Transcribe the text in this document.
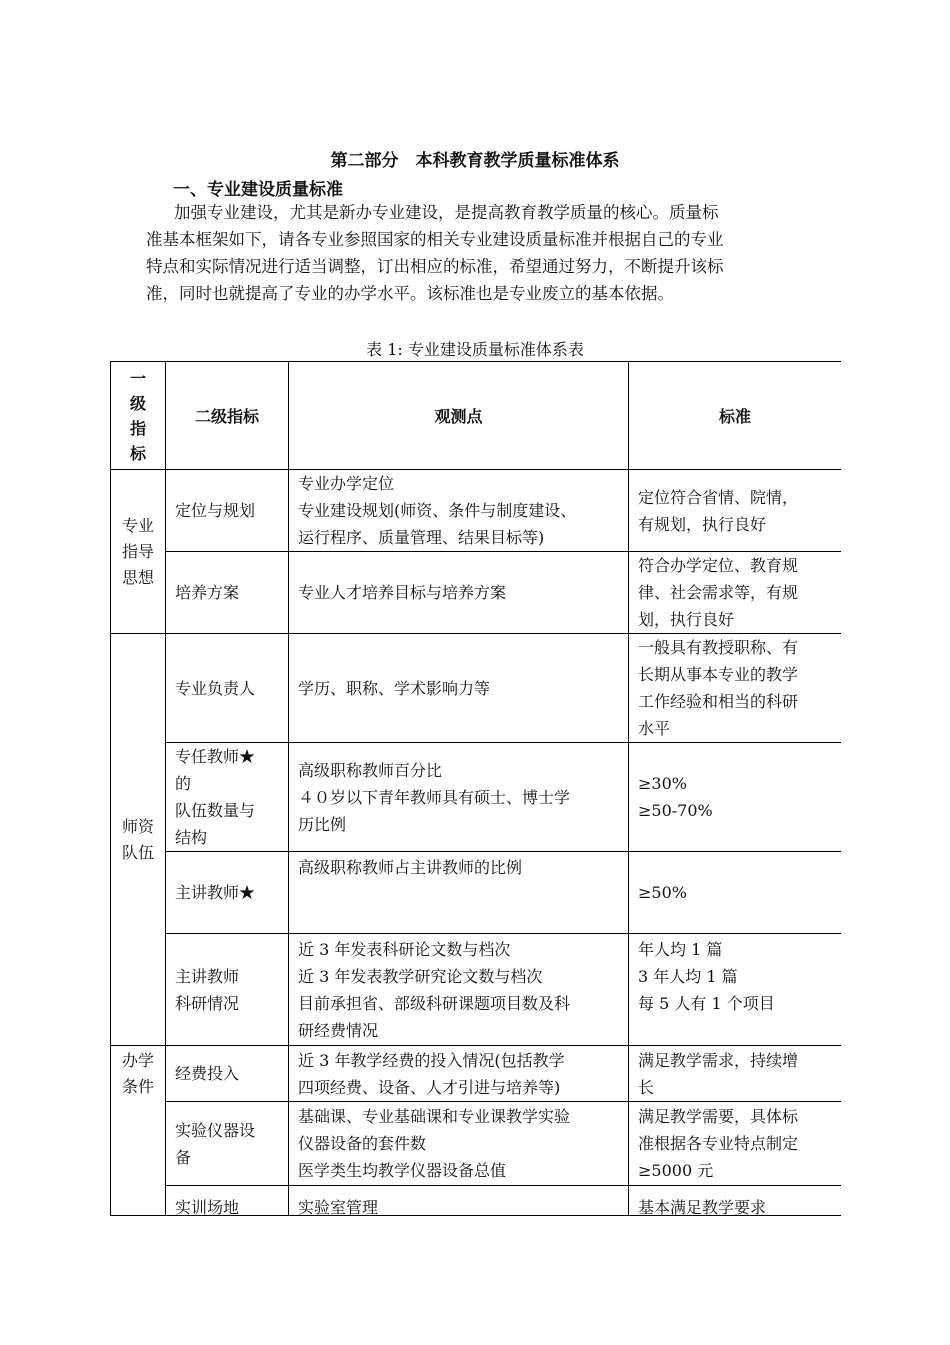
第二部分　本科教育教学质量标准体系
一、专业建设质量标准

加强专业建设，尤其是新办专业建设，是提高教育教学质量的核心。质量标
准基本框架如下，请各专业参照国家的相关专业建设质量标准并根据自己的专业
特点和实际情况进行适当调整，订出相应的标准，希望通过努力，不断提升该标
准，同时也就提高了专业的办学水平。该标准也是专业废立的基本依据。

表 1: 专业建设质量标准体系表
一
级
指
标	二级指标	观测点	标准

专业
指导
思想	定位与规划	专业办学定位
专业建设规划(师资、条件与制度建设、
运行程序、质量管理、结果目标等)	定位符合省情、院情，
有规划，执行良好

	培养方案	专业人才培养目标与培养方案	符合办学定位、教育规
律、社会需求等，有规
划，执行良好

师资
队伍	专业负责人	学历、职称、学术影响力等	一般具有教授职称、有
长期从事本专业的教学
工作经验和相当的科研
水平

	专任教师★
的
队伍数量与
结构	高级职称教师百分比
４０岁以下青年教师具有硕士、博士学
历比例	≥30%
≥50-70%

	主讲教师★	高级职称教师占主讲教师的比例	≥50%

	主讲教师
科研情况	近 3 年发表科研论文数与档次
近 3 年发表教学研究论文数与档次
目前承担省、部级科研课题项目数及科
研经费情况	年人均 1 篇
3 年人均 1 篇
每 5 人有 1 个项目

办学
条件	经费投入	近 3 年教学经费的投入情况(包括教学
四项经费、设备、人才引进与培养等)	满足教学需求，持续增
长

	实验仪器设
备	基础课、专业基础课和专业课教学实验
仪器设备的套件数
医学类生均教学仪器设备总值	满足教学需要，具体标
准根据各专业特点制定
≥5000 元

	实训场地	实验室管理	基本满足教学要求
